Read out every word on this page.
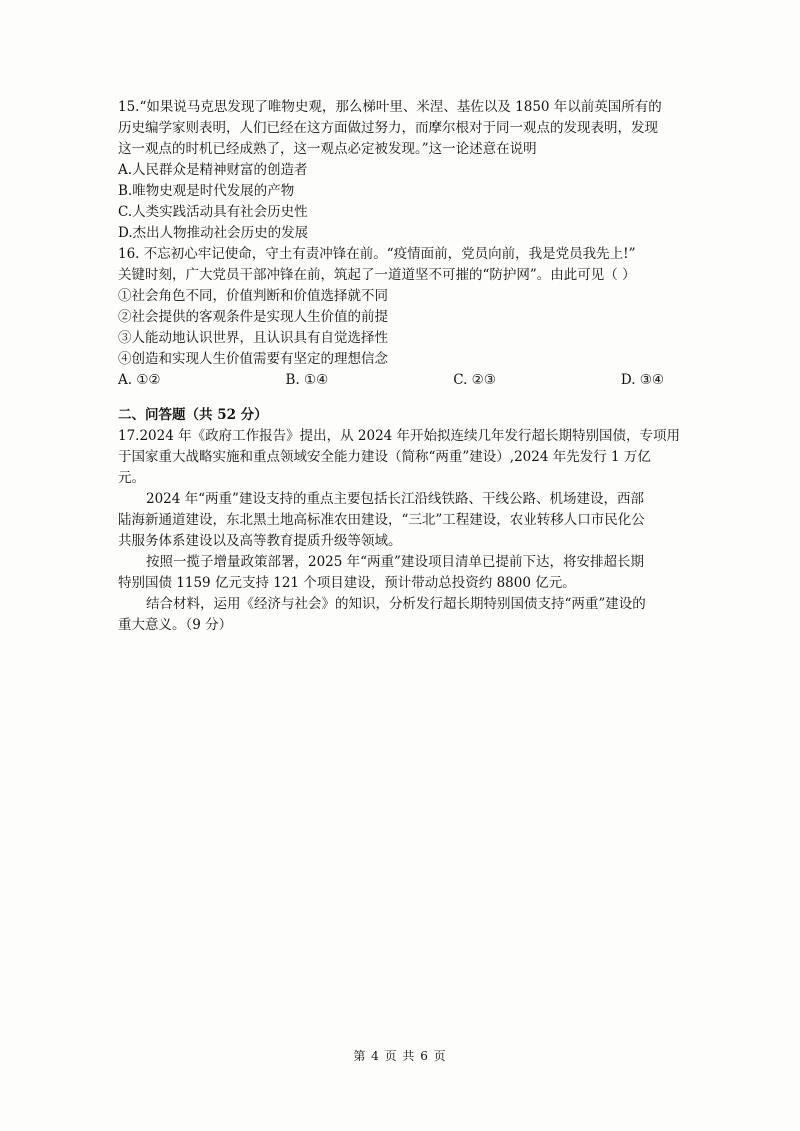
15.“如果说马克思发现了唯物史观，那么梯叶里、米涅、基佐以及 1850 年以前英国所有的
历史编学家则表明，人们已经在这方面做过努力，而摩尔根对于同一观点的发现表明，发现
这一观点的时机已经成熟了，这一观点必定被发现。”这一论述意在说明
A.人民群众是精神财富的创造者
B.唯物史观是时代发展的产物
C.人类实践活动具有社会历史性
D.杰出人物推动社会历史的发展
16. 不忘初心牢记使命，守土有责冲锋在前。“疫情面前，党员向前，我是党员我先上!”
关键时刻，广大党员干部冲锋在前，筑起了一道道坚不可摧的“防护网”。由此可见（ ）
①社会角色不同，价值判断和价值选择就不同
②社会提供的客观条件是实现人生价值的前提
③人能动地认识世界，且认识具有自觉选择性
④创造和实现人生价值需要有坚定的理想信念
A. ①②	B. ①④	C. ②③	D. ③④
二、问答题（共 52 分）
17.2024 年《政府工作报告》提出，从 2024 年开始拟连续几年发行超长期特别国债，专项用
于国家重大战略实施和重点领域安全能力建设（简称“两重”建设）,2024 年先发行 1 万亿
元。
2024 年“两重”建设支持的重点主要包括长江沿线铁路、干线公路、机场建设，西部
陆海新通道建设，东北黑土地高标准农田建设，“三北”工程建设，农业转移人口市民化公
共服务体系建设以及高等教育提质升级等领域。
按照一揽子增量政策部署，2025 年“两重”建设项目清单已提前下达，将安排超长期
特别国债 1159 亿元支持 121 个项目建设，预计带动总投资约 8800 亿元。
结合材料，运用《经济与社会》的知识，分析发行超长期特别国债支持“两重”建设的
重大意义。（9 分）
第 4 页 共 6 页
